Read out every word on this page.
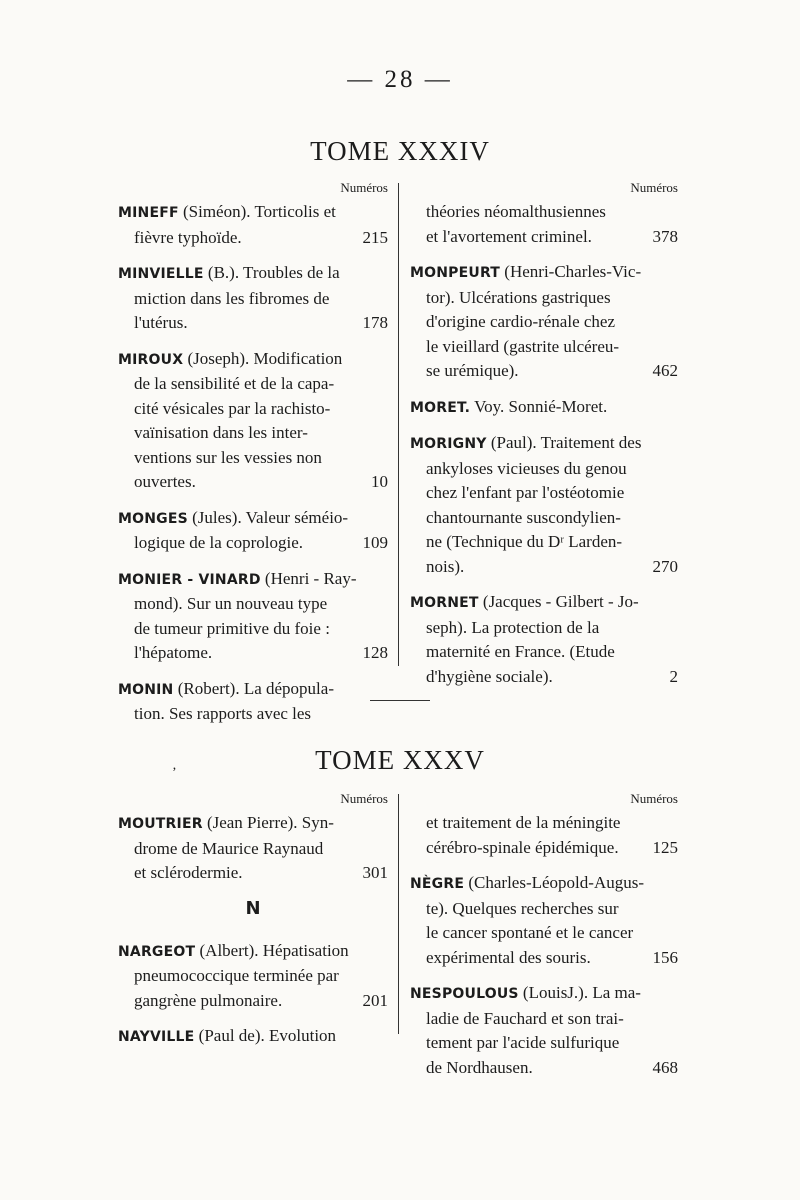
— 28 —
TOME XXXIV
Numéros
MINEFF (Siméon). Torticolis et
fièvre typhoïde.	215
MINVIELLE (B.). Troubles de la
miction dans les fibromes de
l'utérus.	178
MIROUX (Joseph). Modification
de la sensibilité et de la capa-
cité vésicales par la rachisto-
vaïnisation dans les inter-
ventions sur les vessies non
ouvertes.	10
MONGES (Jules). Valeur séméio-
logique de la coprologie.	109
MONIER - VINARD (Henri - Ray-
mond). Sur un nouveau type
de tumeur primitive du foie :
l'hépatome.	128
MONIN (Robert). La dépopula-
tion. Ses rapports avec les
Numéros
théories néomalthusiennes
et l'avortement criminel.	378
MONPEURT (Henri-Charles-Vic-
tor). Ulcérations gastriques
d'origine cardio-rénale chez
le vieillard (gastrite ulcéreu-
se urémique).	462
MORET. Voy. Sonnié-Moret.
MORIGNY (Paul). Traitement des
ankyloses vicieuses du genou
chez l'enfant par l'ostéotomie
chantournante suscondylien-
ne (Technique du Dʳ Larden-
nois).	270
MORNET (Jacques - Gilbert - Jo-
seph). La protection de la
maternité en France. (Etude
d'hygiène sociale).	2
TOME XXXV
‚
Numéros
MOUTRIER (Jean Pierre). Syn-
drome de Maurice Raynaud
et sclérodermie.	301
N
NARGEOT (Albert). Hépatisation
pneumococcique terminée par
gangrène pulmonaire.	201
NAYVILLE (Paul de). Evolution
Numéros
et traitement de la méningite
cérébro-spinale épidémique. 125
NÈGRE (Charles-Léopold-Augus-
te). Quelques recherches sur
le cancer spontané et le cancer
expérimental des souris.	156
NESPOULOUS (LouisJ.). La ma-
ladie de Fauchard et son trai-
tement par l'acide sulfurique
de Nordhausen.	468
